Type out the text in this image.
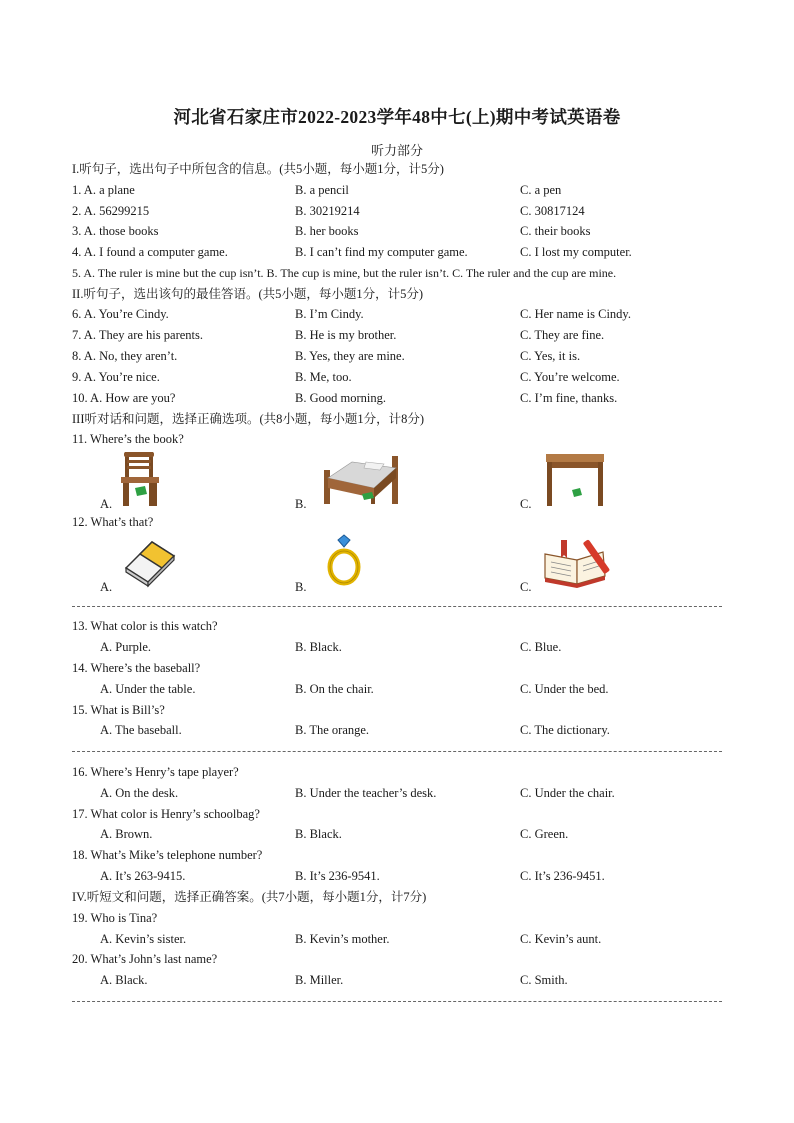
河北省石家庄市2022-2023学年48中七(上)期中考试英语卷
听力部分
I.听句子，选出句子中所包含的信息。(共5小题，每小题1分，计5分)
1. A. a plane	B. a pencil	C. a pen
2. A. 56299215	B. 30219214	C. 30817124
3. A. those books	B. her books	C. their books
4. A. I found a computer game.	B. I can’t find my computer game.	C. I lost my computer.
5. A. The ruler is mine but the cup isn’t. B. The cup is mine, but the ruler isn’t. C. The ruler and the cup are mine.
II.听句子，选出该句的最佳答语。(共5小题，每小题1分，计5分)
6. A. You’re Cindy.	B. I’m Cindy.	C. Her name is Cindy.
7. A. They are his parents.	B. He is my brother.	C. They are fine.
8. A. No, they aren’t.	B. Yes, they are mine.	C. Yes, it is.
9. A. You’re nice.	B. Me, too.	C. You’re welcome.
10. A. How are you?	B. Good morning.	C. I’m fine, thanks.
III听对话和问题，选择正确选项。(共8小题，每小题1分，计8分)
11. Where’s the book?
A.	B.	C.
12. What’s that?
A.	B.	C.
13. What color is this watch?
A. Purple.	B. Black.	C. Blue.
14. Where’s the baseball?
A. Under the table.	B. On the chair.	C. Under the bed.
15. What is Bill’s?
A. The baseball.	B. The orange.	C. The dictionary.
16. Where’s Henry’s tape player?
A. On the desk.	B. Under the teacher’s desk.	C. Under the chair.
17. What color is Henry’s schoolbag?
A. Brown.	B. Black.	C. Green.
18. What’s Mike’s telephone number?
A. It’s 263-9415.	B. It’s 236-9541.	C. It’s 236-9451.
IV.听短文和问题，选择正确答案。(共7小题，每小题1分，计7分)
19. Who is Tina?
A. Kevin’s sister.	B. Kevin’s mother.	C. Kevin’s aunt.
20. What’s John’s last name?
A. Black.	B. Miller.	C. Smith.
